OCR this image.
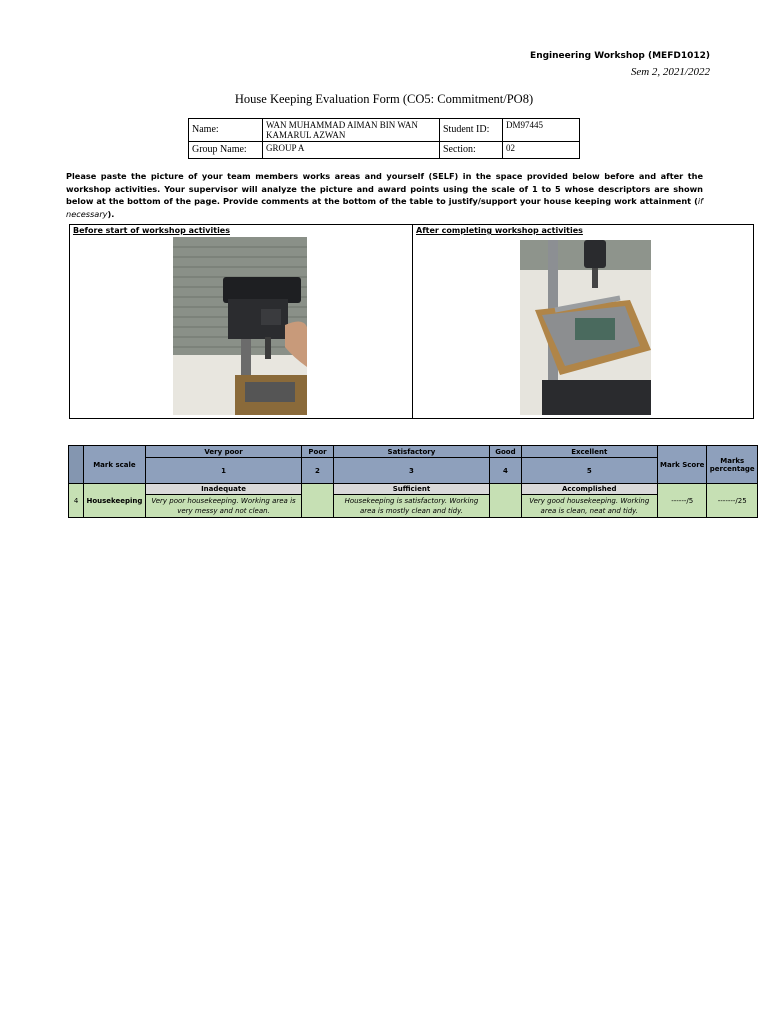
Engineering Workshop (MEFD1012)
Sem 2, 2021/2022
House Keeping Evaluation Form (CO5: Commitment/PO8)
Name:	WAN MUHAMMAD AIMAN BIN WAN KAMARUL AZWAN	Student ID:	DM97445
Group Name:	GROUP A	Section:	02
Please paste the picture of your team members works areas and yourself (SELF) in the space provided below before and after the workshop activities. Your supervisor will analyze the picture and award points using the scale of 1 to 5 whose descriptors are shown below at the bottom of the page. Provide comments at the bottom of the table to justify/support your house keeping work attainment (if necessary).
Before start of workshop activities	After completing workshop activities
	Mark scale	Very poor	Poor	Satisfactory	Good	Excellent	Mark Score	Marks percentage
		1	2	3	4	5		
4	Housekeeping	Inadequate		Sufficient		Accomplished	------/5	-------/25
		Very poor housekeeping. Working area is very messy and not clean.		Housekeeping is satisfactory. Working area is mostly clean and tidy.		Very good housekeeping. Working area is clean, neat and tidy.		
